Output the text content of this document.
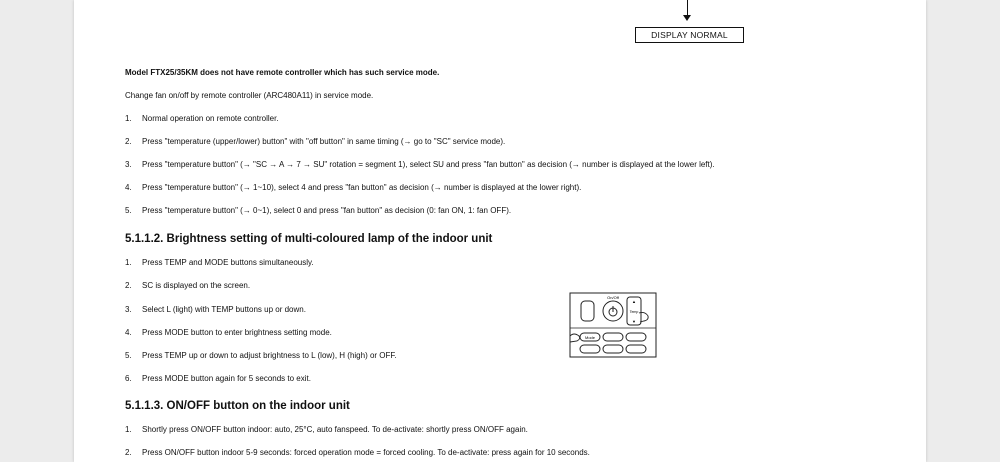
DISPLAY NORMAL
Model FTX25/35KM does not have remote controller which has such service mode.
Change fan on/off by remote controller (ARC480A11) in service mode.
1. Normal operation on remote controller.
2. Press "temperature (upper/lower) button" with "off button" in same timing (→ go to "SC" service mode).
3. Press "temperature button" (→ "SC → A → 7 → SU" rotation = segment 1), select SU and press "fan button" as decision (→ number is displayed at the lower left).
4. Press "temperature button" (→ 1~10), select 4 and press "fan button" as decision (→ number is displayed at the lower right).
5. Press "temperature button" (→ 0~1), select 0 and press "fan button" as decision (0: fan ON, 1: fan OFF).
5.1.1.2. Brightness setting of multi-coloured lamp of the indoor unit
1. Press TEMP and MODE buttons simultaneously.
2. SC is displayed on the screen.
3. Select L (light) with TEMP buttons up or down.
4. Press MODE button to enter brightness setting mode.
5. Press TEMP up or down to adjust brightness to L (low), H (high) or OFF.
6. Press MODE button again for 5 seconds to exit.
On/Off
▲
Temp
▼
Mode
5.1.1.3. ON/OFF button on the indoor unit
1. Shortly press ON/OFF button indoor: auto, 25°C, auto fanspeed. To de-activate: shortly press ON/OFF again.
2. Press ON/OFF button indoor 5-9 seconds: forced operation mode = forced cooling. To de-activate: press again for 10 seconds.
